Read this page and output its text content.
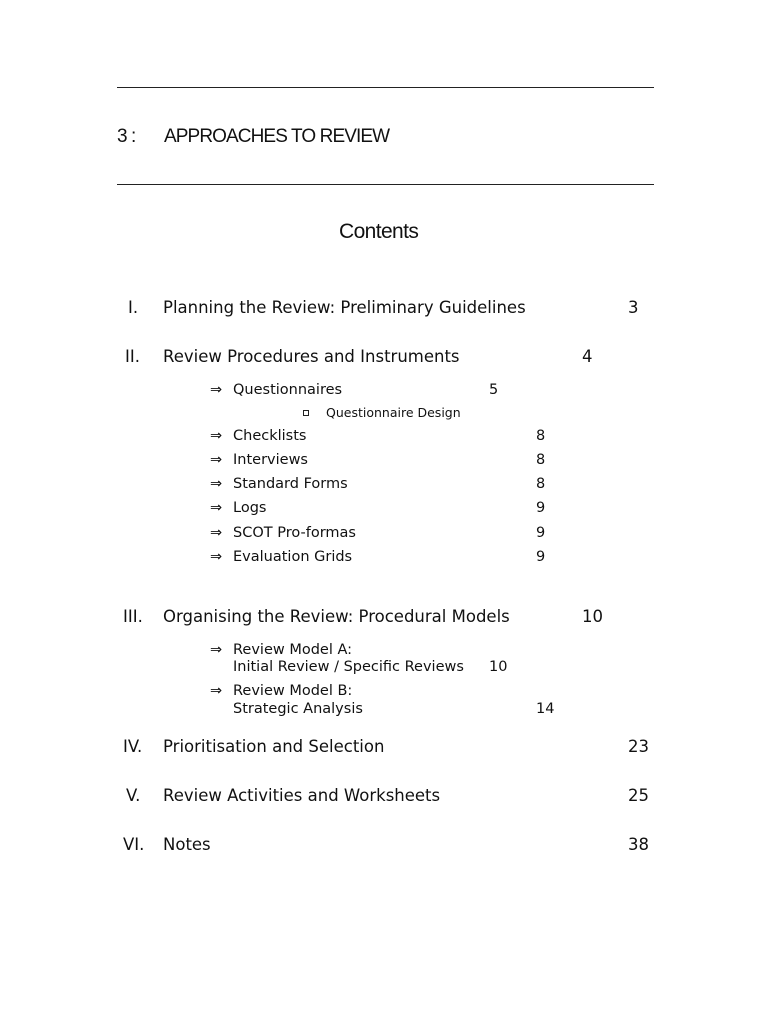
3 : APPROACHES TO REVIEW
Contents
I. Planning the Review: Preliminary Guidelines	3
II. Review Procedures and Instruments	4
⇒ Questionnaires	5
Questionnaire Design
⇒ Checklists	8
⇒ Interviews	8
⇒ Standard Forms	8
⇒ Logs	9
⇒ SCOT Pro-formas	9
⇒ Evaluation Grids	9
III. Organising the Review: Procedural Models	10
⇒ Review Model A:
Initial Review / Specific Reviews 10
⇒ Review Model B:
Strategic Analysis	14
IV. Prioritisation and Selection	23
V. Review Activities and Worksheets	25
VI. Notes	38
